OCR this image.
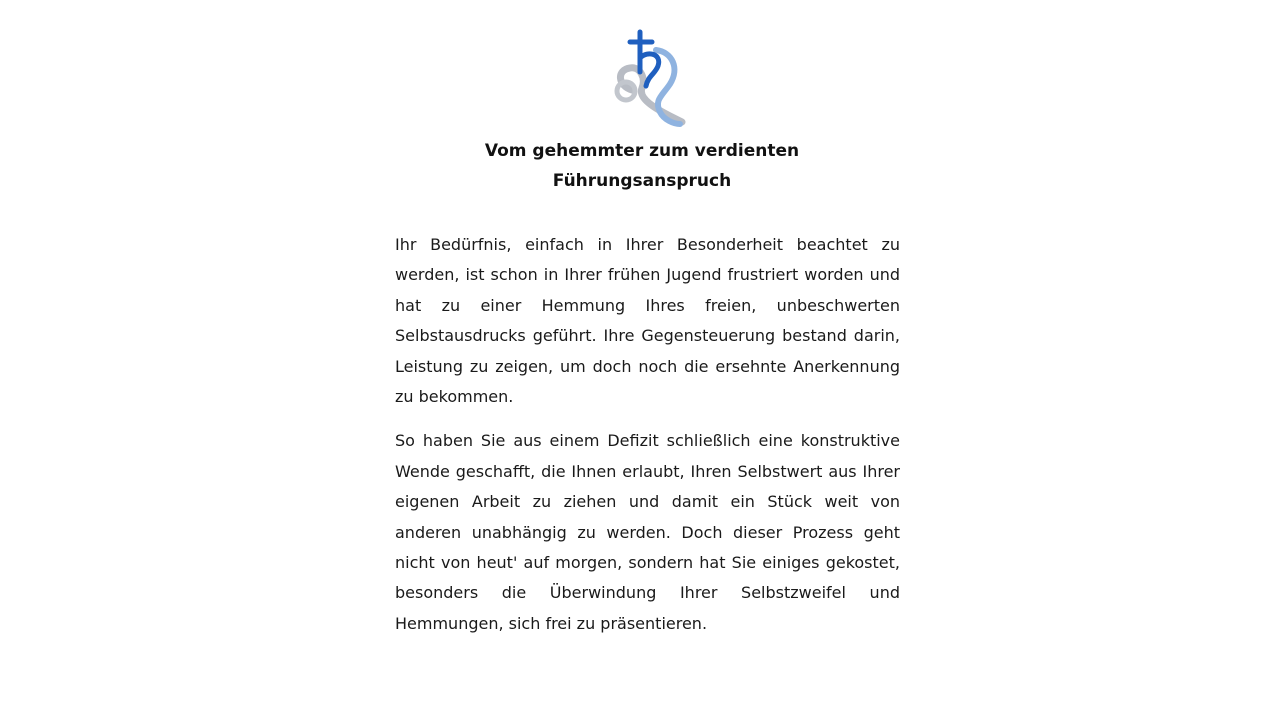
Vom gehemmter zum verdienten
Führungsanspruch

Ihr Bedürfnis, einfach in Ihrer Besonderheit beachtet zu werden, ist schon in Ihrer frühen Jugend frustriert worden und hat zu einer Hemmung Ihres freien, unbeschwerten Selbstausdrucks geführt. Ihre Gegensteuerung bestand darin, Leistung zu zeigen, um doch noch die ersehnte Anerkennung zu bekommen.

So haben Sie aus einem Defizit schließlich eine konstruktive Wende geschafft, die Ihnen erlaubt, Ihren Selbstwert aus Ihrer eigenen Arbeit zu ziehen und damit ein Stück weit von anderen unabhängig zu werden. Doch dieser Prozess geht nicht von heut' auf morgen, sondern hat Sie einiges gekostet, besonders die Überwindung Ihrer Selbstzweifel und Hemmungen, sich frei zu präsentieren.
